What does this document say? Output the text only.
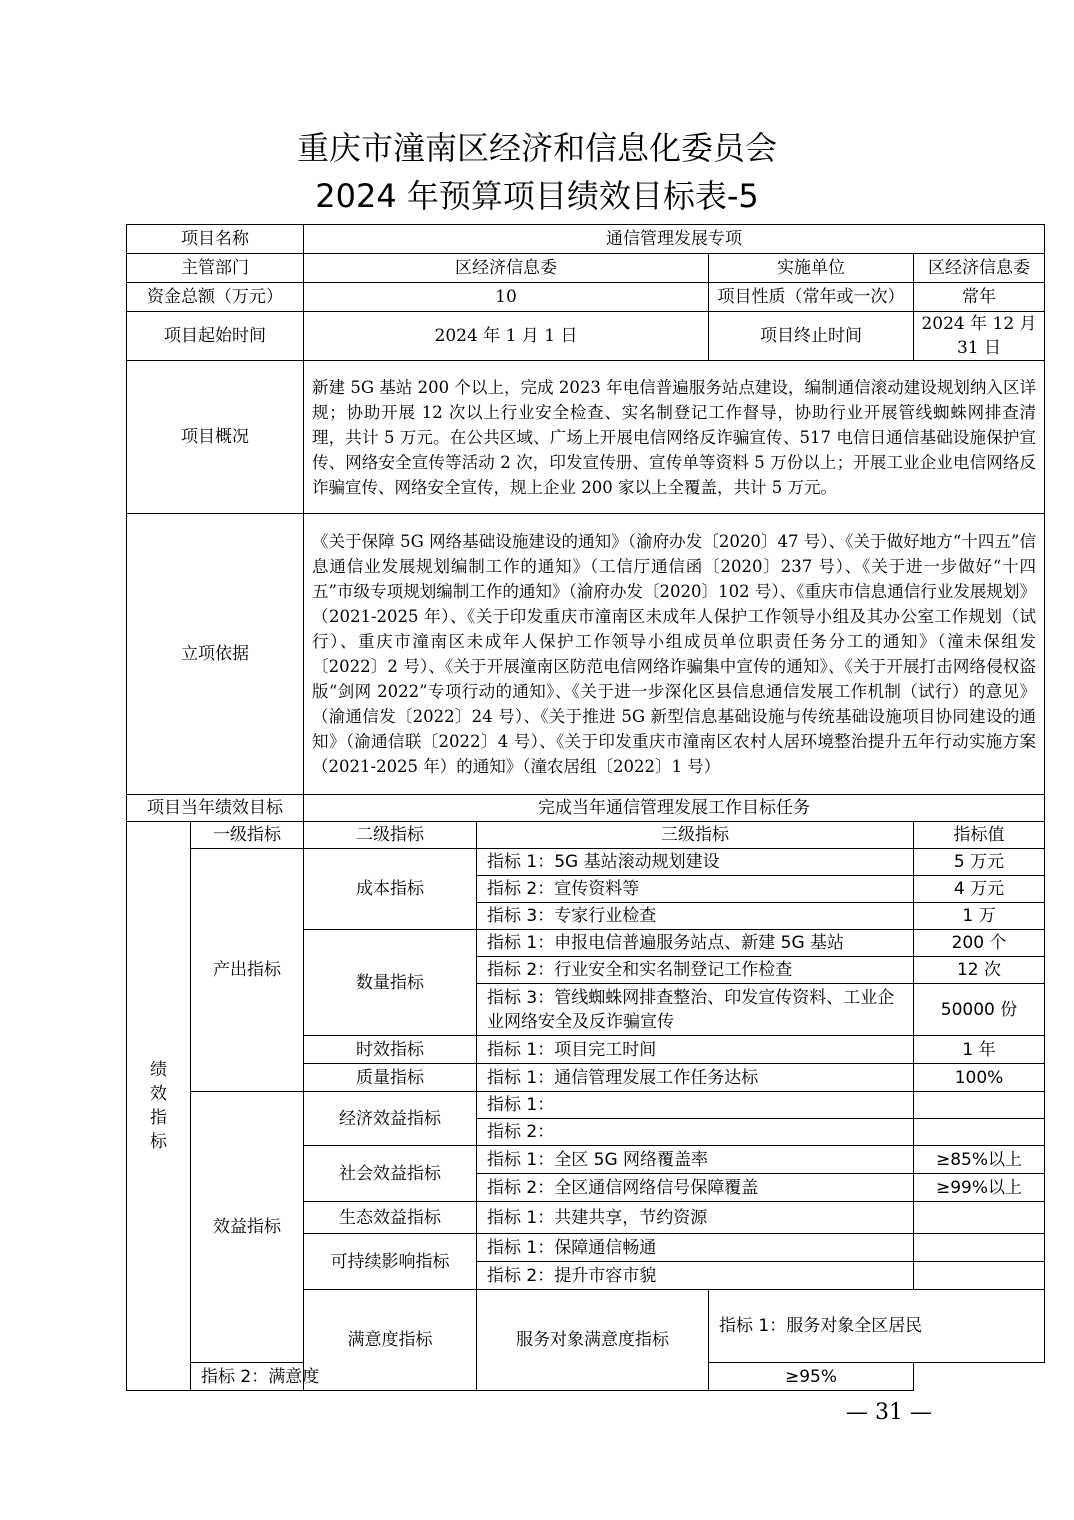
重庆市潼南区经济和信息化委员会
2024 年预算项目绩效目标表-5
项目名称		通信管理发展专项				
主管部门		区经济信息委		实施单位	区经济信息委	
资金总额（万元）		10		项目性质（常年或一次）	常年	
项目起始时间		2024 年 1 月 1 日		项目终止时间	2024 年 12 月 31 日	
项目概况		新建 5G 基站 200 个以上，完成 2023 年电信普遍服务站点建设，编制通信滚动建设规划纳入区详规；协助开展 12 次以上行业安全检查、实名制登记工作督导，协助行业开展管线蜘蛛网排查清理，共计 5 万元。在公共区域、广场上开展电信网络反诈骗宣传、517 电信日通信基础设施保护宣传、网络安全宣传等活动 2 次，印发宣传册、宣传单等资料 5 万份以上；开展工业企业电信网络反诈骗宣传、网络安全宣传，规上企业 200 家以上全覆盖，共计 5 万元。				
立项依据		《关于保障 5G 网络基础设施建设的通知》（渝府办发〔2020〕47 号）、《关于做好地方“十四五”信息通信业发展规划编制工作的通知》（工信厅通信函〔2020〕237 号）、《关于进一步做好“十四五”市级专项规划编制工作的通知》（渝府办发〔2020〕102 号）、《重庆市信息通信行业发展规划》（2021-2025 年）、《关于印发重庆市潼南区未成年人保护工作领导小组及其办公室工作规划（试行）、重庆市潼南区未成年人保护工作领导小组成员单位职责任务分工的通知》（潼未保组发〔2022〕2 号）、《关于开展潼南区防范电信网络诈骗集中宣传的通知》、《关于开展打击网络侵权盗版“剑网 2022”专项行动的通知》、《关于进一步深化区县信息通信发展工作机制（试行）的意见》（渝通信发〔2022〕24 号）、《关于推进 5G 新型信息基础设施与传统基础设施项目协同建设的通知》（渝通信联〔2022〕4 号）、《关于印发重庆市潼南区农村人居环境整治提升五年行动实施方案（2021-2025 年）的通知》（潼农居组〔2022〕1 号）				
项目当年绩效目标		完成当年通信管理发展工作目标任务				

绩
效
指
标	一级指标	二级指标	三级指标		指标值	
	产出指标	成本指标	指标 1：5G 基站滚动规划建设		5 万元	
			指标 2：宣传资料等		4 万元	
			指标 3：专家行业检查		1 万	
		数量指标	指标 1：申报电信普遍服务站点、新建 5G 基站		200 个	
			指标 2：行业安全和实名制登记工作检查		12 次	
			指标 3：管线蜘蛛网排查整治、印发宣传资料、工业企业网络安全及反诈骗宣传		50000 份	
		时效指标	指标 1：项目完工时间		1 年	
		质量指标	指标 1：通信管理发展工作任务达标		100%	
	效益指标	经济效益指标	指标 1：			
			指标 2：			
		社会效益指标	指标 1：全区 5G 网络覆盖率		≥85%以上	
			指标 2：全区通信网络信号保障覆盖		≥99%以上	
		生态效益指标	指标 1：共建共享，节约资源			
		可持续影响指标	指标 1：保障通信畅通			
			指标 2：提升市容市貌			
		满意度指标	服务对象满意度指标	指标 1：服务对象全区居民	
	指标 2：满意度			≥95%		
— 31 —
